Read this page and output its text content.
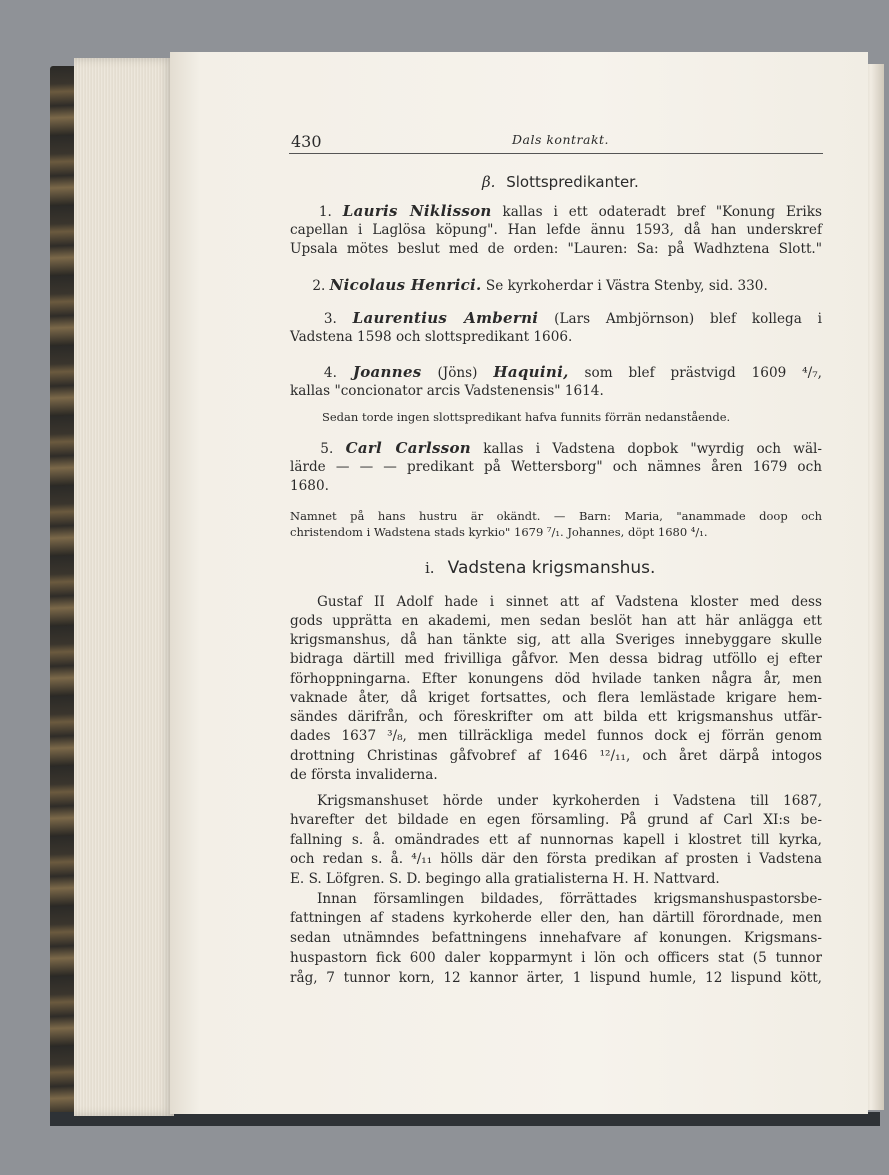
430	Dals kontrakt.
β. Slottspredikanter.
1. Lauris Niklisson kallas i ett odateradt bref "Konung Eriks
capellan i Laglösa köpung". Han lefde ännu 1593, då han underskref
Upsala mötes beslut med de orden: "Lauren: Sa: på Wadhztena Slott."
2. Nicolaus Henrici. Se kyrkoherdar i Västra Stenby, sid. 330.
3. Laurentius Amberni (Lars Ambjörnson) blef kollega i
Vadstena 1598 och slottspredikant 1606.
4. Joannes (Jöns) Haquini, som blef prästvigd 1609 ⁴/₇,
kallas "concionator arcis Vadstenensis" 1614.
Sedan torde ingen slottspredikant hafva funnits förrän nedanstående.
5. Carl Carlsson kallas i Vadstena dopbok "wyrdig och wäl-
lärde — — — predikant på Wettersborg" och nämnes åren 1679 och
1680.
Namnet på hans hustru är okändt. — Barn: Maria, "anammade doop och
christendom i Wadstena stads kyrkio" 1679 ⁷/₁. Johannes, döpt 1680 ⁴/₁.
i. Vadstena krigsmanshus.
Gustaf II Adolf hade i sinnet att af Vadstena kloster med dess
gods upprätta en akademi, men sedan beslöt han att här anlägga ett
krigsmanshus, då han tänkte sig, att alla Sveriges innebyggare skulle
bidraga därtill med frivilliga gåfvor. Men dessa bidrag utföllo ej efter
förhoppningarna. Efter konungens död hvilade tanken några år, men
vaknade åter, då kriget fortsattes, och flera lemlästade krigare hem-
sändes därifrån, och föreskrifter om att bilda ett krigsmanshus utfär-
dades 1637 ³/₈, men tillräckliga medel funnos dock ej förrän genom
drottning Christinas gåfvobref af 1646 ¹²/₁₁, och året därpå intogos
de första invaliderna.
Krigsmanshuset hörde under kyrkoherden i Vadstena till 1687,
hvarefter det bildade en egen församling. På grund af Carl XI:s be-
fallning s. å. omändrades ett af nunnornas kapell i klostret till kyrka,
och redan s. å. ⁴/₁₁ hölls där den första predikan af prosten i Vadstena
E. S. Löfgren. S. D. begingo alla gratialisterna H. H. Nattvard.
Innan församlingen bildades, förrättades krigsmanshuspastorsbe-
fattningen af stadens kyrkoherde eller den, han därtill förordnade, men
sedan utnämndes befattningens innehafvare af konungen. Krigsmans-
huspastorn fick 600 daler kopparmynt i lön och officers stat (5 tunnor
råg, 7 tunnor korn, 12 kannor ärter, 1 lispund humle, 12 lispund kött,
